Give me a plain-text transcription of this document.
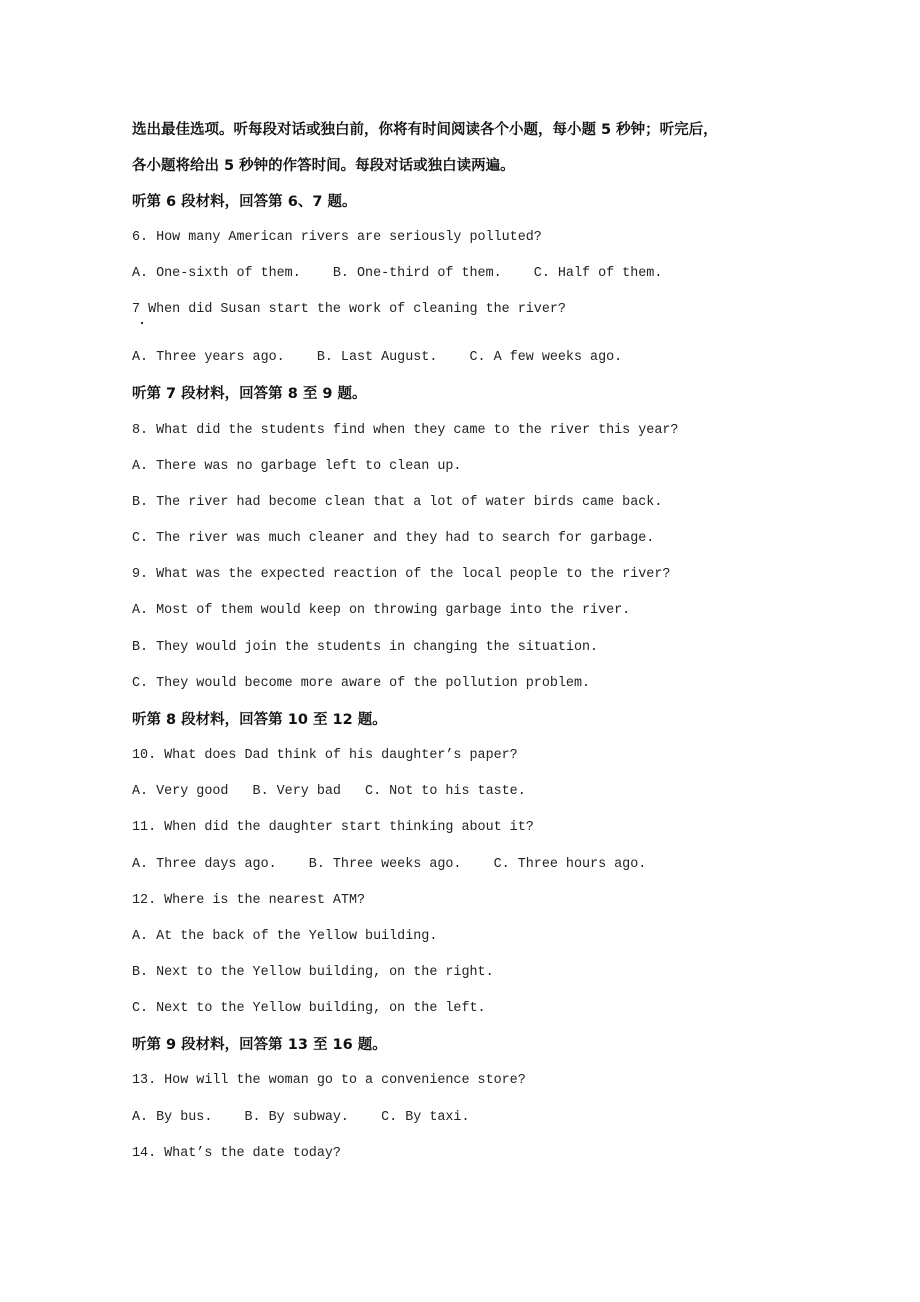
选出最佳选项。听每段对话或独白前，你将有时间阅读各个小题，每小题 5 秒钟；听完后，
各小题将给出 5 秒钟的作答时间。每段对话或独白读两遍。
听第 6 段材料，回答第 6、7 题。
6. How many American rivers are seriously polluted?
A. One-sixth of them.    B. One-third of them.    C. Half of them.
7 When did Susan start the work of cleaning the river?
A. Three years ago.    B. Last August.    C. A few weeks ago.
听第 7 段材料，回答第 8 至 9 题。
8. What did the students find when they came to the river this year?
A. There was no garbage left to clean up.
B. The river had become clean that a lot of water birds came back.
C. The river was much cleaner and they had to search for garbage.
9. What was the expected reaction of the local people to the river?
A. Most of them would keep on throwing garbage into the river.
B. They would join the students in changing the situation.
C. They would become more aware of the pollution problem.
听第 8 段材料，回答第 10 至 12 题。
10. What does Dad think of his daughter’s paper?
A. Very good   B. Very bad   C. Not to his taste.
11. When did the daughter start thinking about it?
A. Three days ago.    B. Three weeks ago.    C. Three hours ago.
12. Where is the nearest ATM?
A. At the back of the Yellow building.
B. Next to the Yellow building, on the right.
C. Next to the Yellow building, on the left.
听第 9 段材料，回答第 13 至 16 题。
13. How will the woman go to a convenience store?
A. By bus.    B. By subway.    C. By taxi.
14. What’s the date today?
